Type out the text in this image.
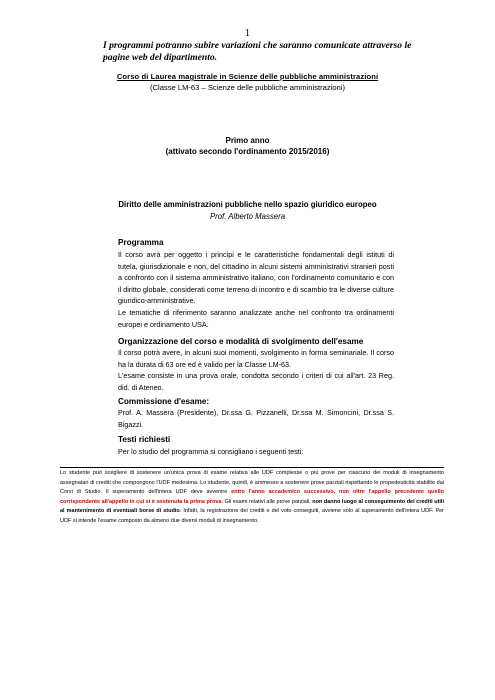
1
I programmi potranno subire variazioni che saranno comunicate attraverso le pagine web del dipartimento.
Corso di Laurea magistrale in Scienze delle pubbliche amministrazioni
(Classe LM-63 – Scienze delle pubbliche amministrazioni)
Primo anno
(attivato secondo l'ordinamento 2015/2016)
Diritto delle amministrazioni pubbliche nello spazio giuridico europeo
Prof. Alberto Massera
Programma

Il corso avrà per oggetto i principi e le caratteristiche fondamentali degli istituti di tutela, giurisdizionale e non, del cittadino in alcuni sistemi amministrativi stranieri posti a confronto con il sistema amministrativo italiano, con l'ordinamento comunitario e con il diritto globale, considerati come terreno di incontro e di scambio tra le diverse culture giuridico-amministrative.

Le tematiche di riferimento saranno analizzate anche nel confronto tra ordinamenti europei e ordinamento USA.

Organizzazione del corso e modalità di svolgimento dell'esame

Il corso potrà avere, in alcuni suoi momenti, svolgimento in forma seminariale. Il corso ha la durata di 63 ore ed è valido per la Classe LM-63.

L'esame consiste in una prova orale, condotta secondo i criteri di cui all'art. 23 Reg. did. di Ateneo.

Commissione d'esame:

Prof. A. Massera (Presidente), Dr.ssa G. Pizzanelli, Dr.ssa M. Simoncini, Dr.ssa S. Bigazzi.

Testi richiesti

Per lo studio del programma si consigliano i seguenti testi:

Lo studente può scegliere di sostenere un'unica prova di esame relativa alle UDF complesse o più prove per ciascuno dei moduli di insegnamento assegnatari di crediti che compongono l'UDF medesima. Lo studente, quindi, è ammesso a sostenere prove parziali rispettando le propedeuticità stabilite dai Corsi di Studio. Il superamento dell'intera UDF deve avvenire entro l'anno accademico successivo, non oltre l'appello precedente quello corrispondente all'appello in cui si è sostenuta la prima prova. Gli esami relativi alle prove parziali, non danno luogo al conseguimento dei crediti utili al mantenimento di eventuali borse di studio. Infatti, la registrazione dei crediti e del voto conseguiti, avviene solo al superamento dell'intera UDF. Per UDF si intende l'esame composto da almeno due diversi moduli di insegnamento.
